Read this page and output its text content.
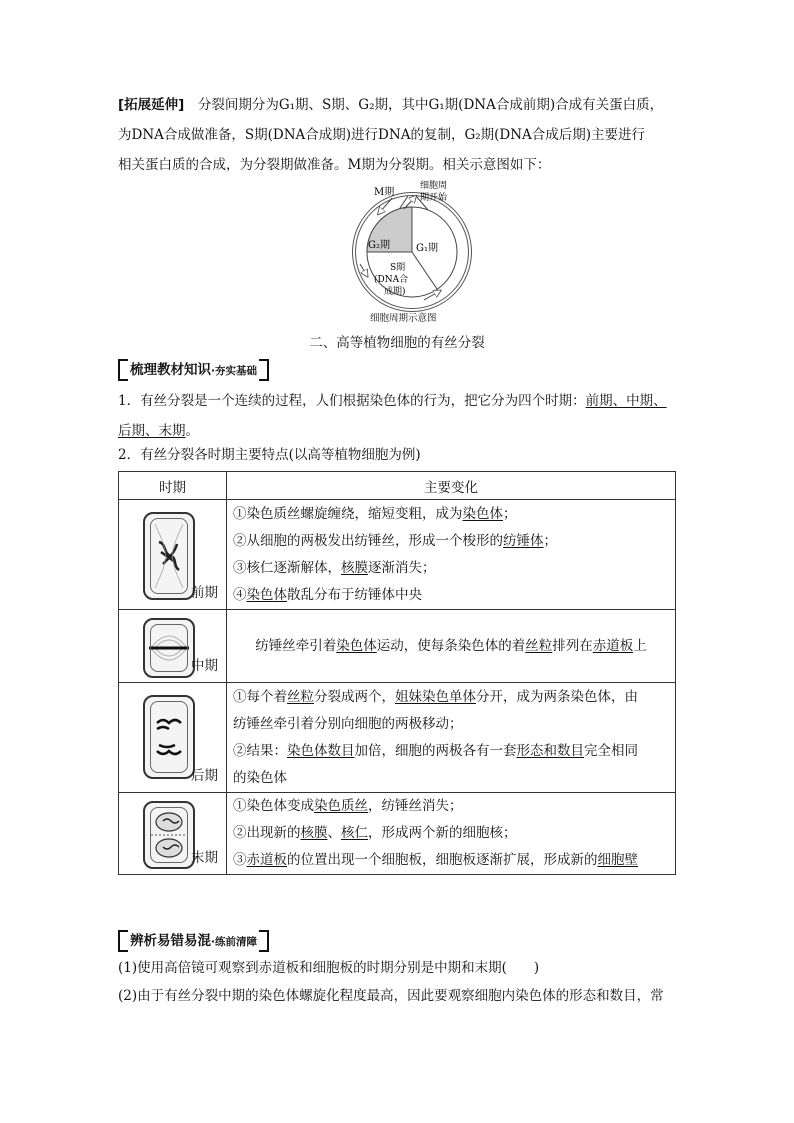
[拓展延伸]　 分裂间期分为G₁期、S期、G₂期，其中G₁期(DNA合成前期)合成有关蛋白质，
为DNA合成做准备，S期(DNA合成期)进行DNA的复制，G₂期(DNA合成后期)主要进行
相关蛋白质的合成，为分裂期做准备。M期为分裂期。相关示意图如下：
M期
细胞周
期开始
G₂期	G₁期
S期
(DNA合
成期)
细胞周期示意图
二、高等植物细胞的有丝分裂
梳理教材知识·夯实基础
1．有丝分裂是一个连续的过程，人们根据染色体的行为，把它分为四个时期：前期、中期、
后期、末期。
2．有丝分裂各时期主要特点(以高等植物细胞为例)
时期	主要变化

前期	①染色质丝螺旋缠绕，缩短变粗，成为染色体；
②从细胞的两极发出纺锤丝，形成一个梭形的纺锤体；
③核仁逐渐解体，核膜逐渐消失；
④染色体散乱分布于纺锤体中央

中期	纺锤丝牵引着染色体运动，使每条染色体的着丝粒排列在赤道板上

后期	①每个着丝粒分裂成两个，姐妹染色单体分开，成为两条染色体，由
纺锤丝牵引着分别向细胞的两极移动；
②结果：染色体数目加倍，细胞的两极各有一套形态和数目完全相同
的染色体

末期	①染色体变成染色质丝，纺锤丝消失；
②出现新的核膜、核仁，形成两个新的细胞核；
③赤道板的位置出现一个细胞板，细胞板逐渐扩展，形成新的细胞壁
辨析易错易混·练前清障
(1)使用高倍镜可观察到赤道板和细胞板的时期分别是中期和末期(　　)
(2)由于有丝分裂中期的染色体螺旋化程度最高，因此要观察细胞内染色体的形态和数目，常
